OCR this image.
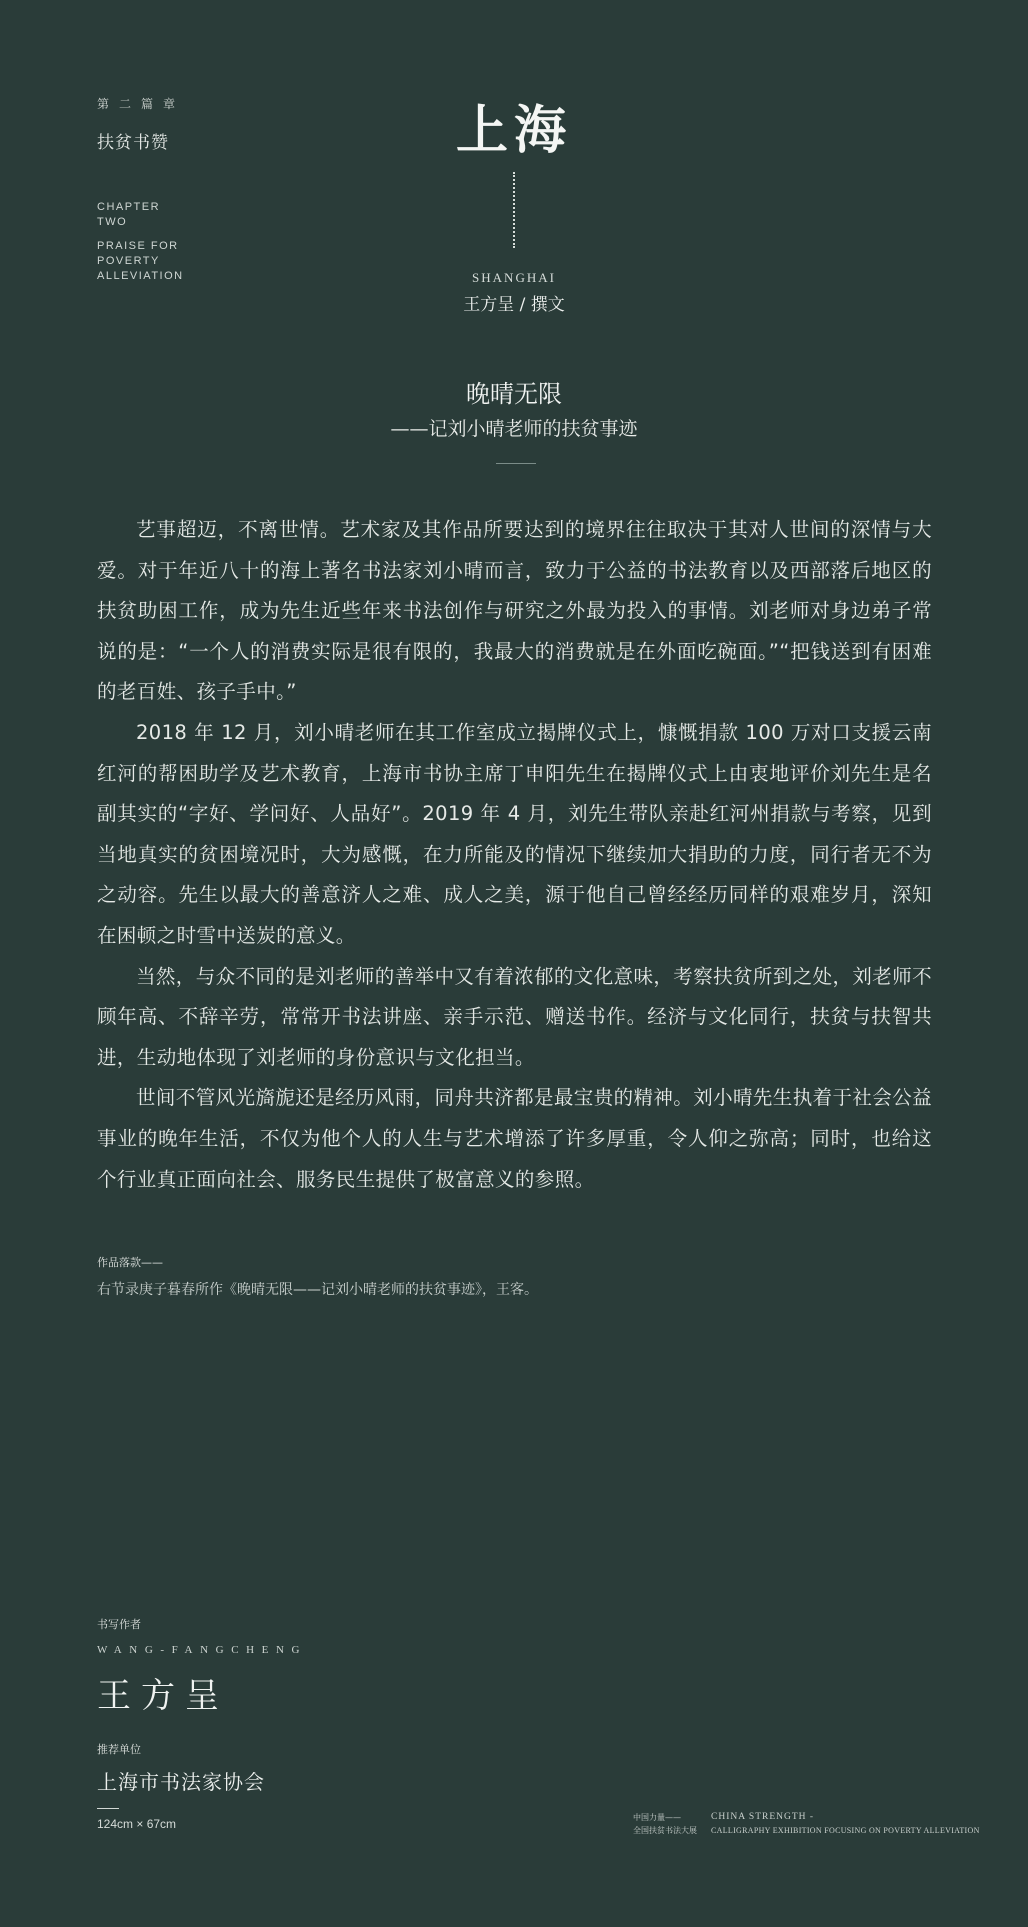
第二篇章
扶贫书赞
CHAPTER
TWO
PRAISE FOR
POVERTY
ALLEVIATION
上海
SHANGHAI
王方呈 / 撰文
晚晴无限
——记刘小晴老师的扶贫事迹

艺事超迈，不离世情。艺术家及其作品所要达到的境界往往取决于其对人世间的深情与大爱。对于年近八十的海上著名书法家刘小晴而言，致力于公益的书法教育以及西部落后地区的扶贫助困工作，成为先生近些年来书法创作与研究之外最为投入的事情。刘老师对身边弟子常说的是：“一个人的消费实际是很有限的，我最大的消费就是在外面吃碗面。”“把钱送到有困难的老百姓、孩子手中。”

2018 年 12 月，刘小晴老师在其工作室成立揭牌仪式上，慷慨捐款 100 万对口支援云南红河的帮困助学及艺术教育，上海市书协主席丁申阳先生在揭牌仪式上由衷地评价刘先生是名副其实的“字好、学问好、人品好”。2019 年 4 月，刘先生带队亲赴红河州捐款与考察，见到当地真实的贫困境况时，大为感慨，在力所能及的情况下继续加大捐助的力度，同行者无不为之动容。先生以最大的善意济人之难、成人之美，源于他自己曾经经历同样的艰难岁月，深知在困顿之时雪中送炭的意义。

当然，与众不同的是刘老师的善举中又有着浓郁的文化意味，考察扶贫所到之处，刘老师不顾年高、不辞辛劳，常常开书法讲座、亲手示范、赠送书作。经济与文化同行，扶贫与扶智共进，生动地体现了刘老师的身份意识与文化担当。

世间不管风光旖旎还是经历风雨，同舟共济都是最宝贵的精神。刘小晴先生执着于社会公益事业的晚年生活，不仅为他个人的人生与艺术增添了许多厚重，令人仰之弥高；同时，也给这个行业真正面向社会、服务民生提供了极富意义的参照。

作品落款——
右节录庚子暮春所作《晚晴无限——记刘小晴老师的扶贫事迹》，王客。
书写作者
WANG-FANGCHENG
王方呈
推荐单位
上海市书法家协会
124cm × 67cm	中国力量——
全国扶贫书法大展
CHINA STRENGTH -
CALLIGRAPHY EXHIBITION FOCUSING ON POVERTY ALLEVIATION
